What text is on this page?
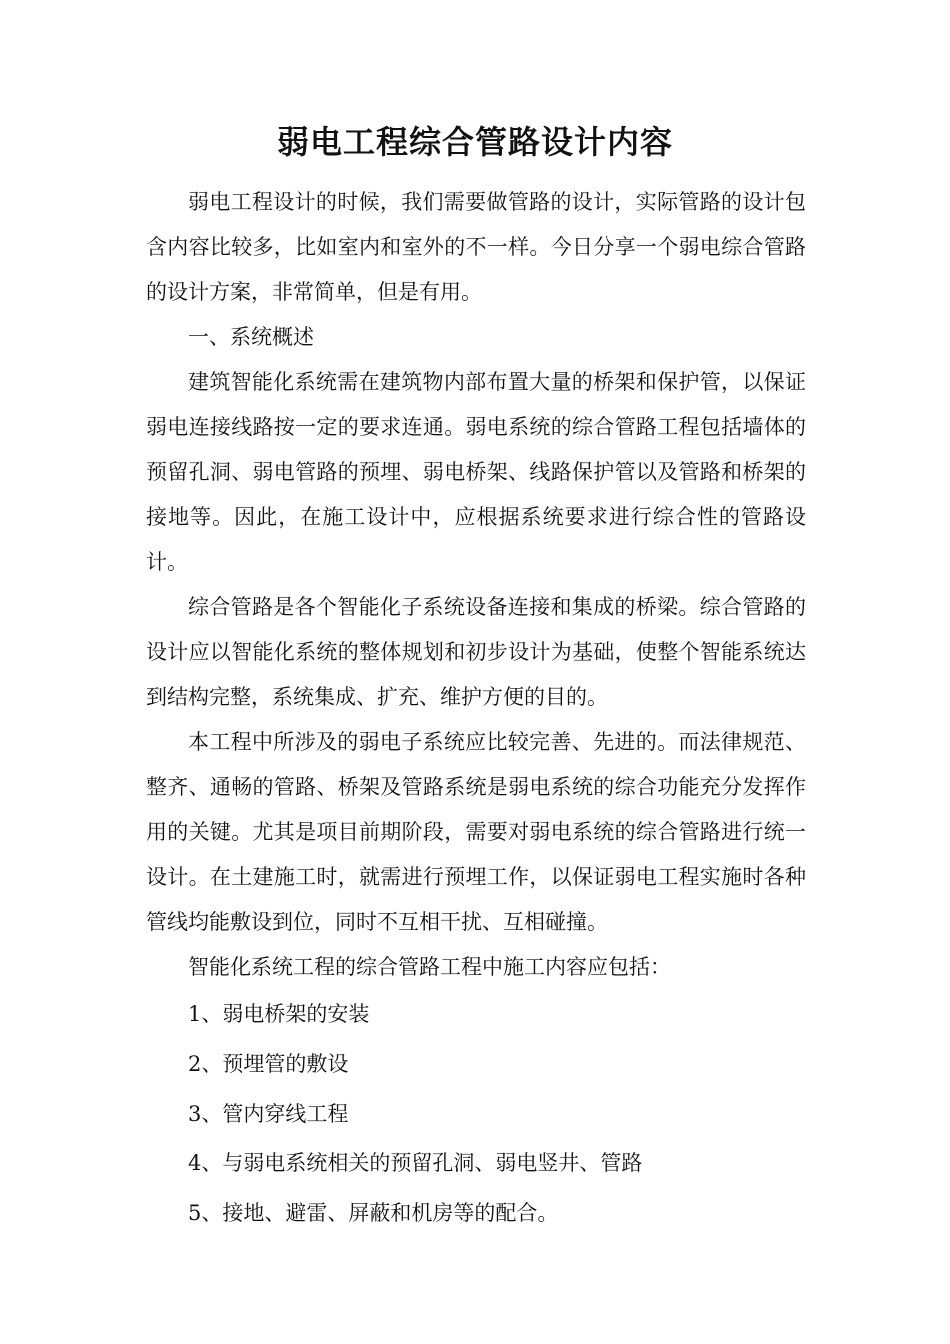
弱电工程综合管路设计内容

弱电工程设计的时候，我们需要做管路的设计，实际管路的设计包含内容比较多，比如室内和室外的不一样。今日分享一个弱电综合管路的设计方案，非常简单，但是有用。

一、系统概述

建筑智能化系统需在建筑物内部布置大量的桥架和保护管，以保证弱电连接线路按一定的要求连通。弱电系统的综合管路工程包括墙体的预留孔洞、弱电管路的预埋、弱电桥架、线路保护管以及管路和桥架的接地等。因此，在施工设计中，应根据系统要求进行综合性的管路设计。

综合管路是各个智能化子系统设备连接和集成的桥梁。综合管路的设计应以智能化系统的整体规划和初步设计为基础，使整个智能系统达到结构完整，系统集成、扩充、维护方便的目的。

本工程中所涉及的弱电子系统应比较完善、先进的。而法律规范、整齐、通畅的管路、桥架及管路系统是弱电系统的综合功能充分发挥作用的关键。尤其是项目前期阶段，需要对弱电系统的综合管路进行统一设计。在土建施工时，就需进行预埋工作，以保证弱电工程实施时各种管线均能敷设到位，同时不互相干扰、互相碰撞。

智能化系统工程的综合管路工程中施工内容应包括：

1、弱电桥架的安装
2、预埋管的敷设
3、管内穿线工程
4、与弱电系统相关的预留孔洞、弱电竖井、管路
5、接地、避雷、屏蔽和机房等的配合。
